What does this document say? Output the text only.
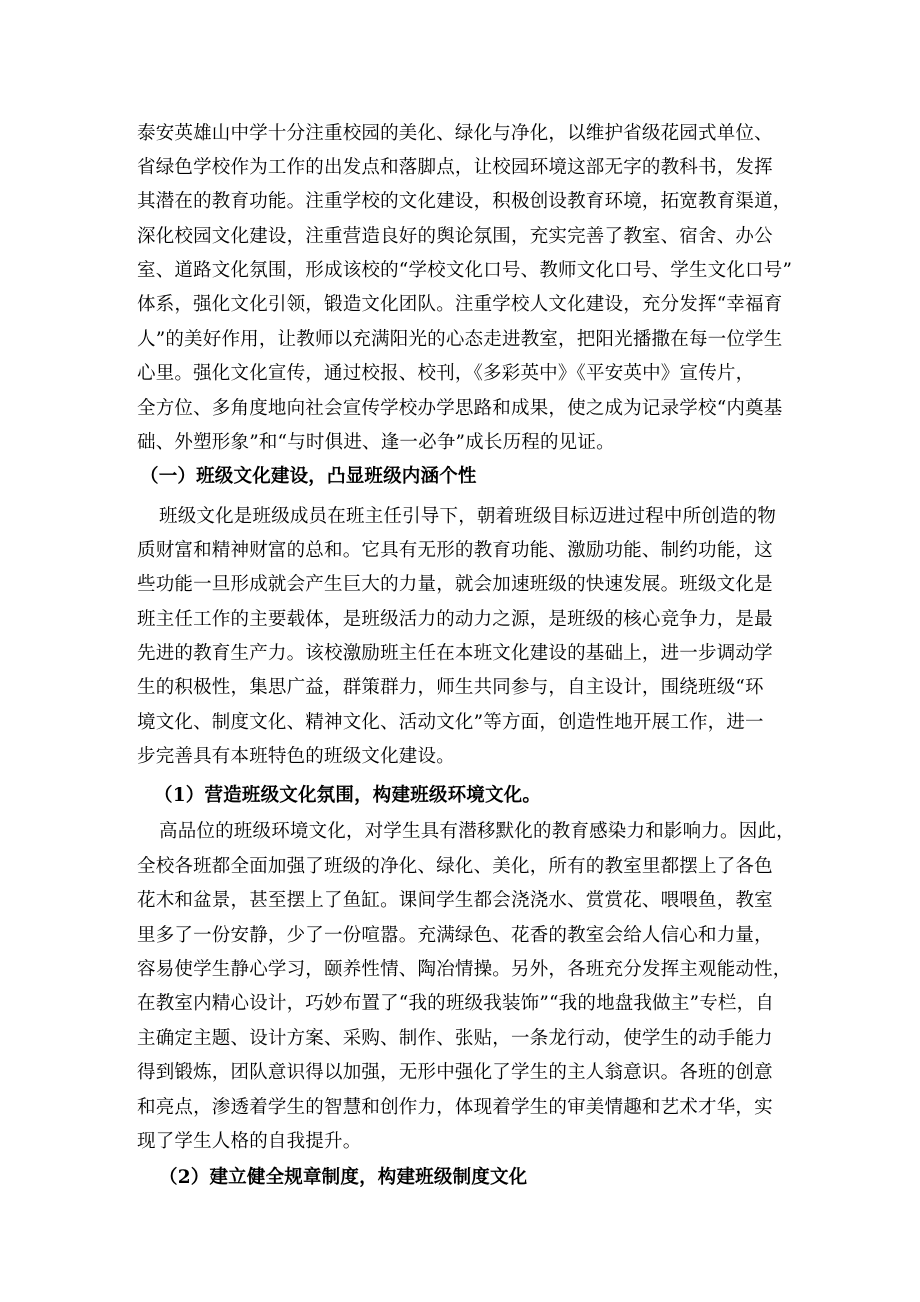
泰安英雄山中学十分注重校园的美化、绿化与净化，以维护省级花园式单位、
省绿色学校作为工作的出发点和落脚点，让校园环境这部无字的教科书，发挥
其潜在的教育功能。注重学校的文化建设，积极创设教育环境，拓宽教育渠道，
深化校园文化建设，注重营造良好的舆论氛围，充实完善了教室、宿舍、办公
室、道路文化氛围，形成该校的“学校文化口号、教师文化口号、学生文化口号”
体系，强化文化引领，锻造文化团队。注重学校人文化建设，充分发挥“幸福育
人”的美好作用，让教师以充满阳光的心态走进教室，把阳光播撒在每一位学生
心里。强化文化宣传，通过校报、校刊，《多彩英中》《平安英中》宣传片，
全方位、多角度地向社会宣传学校办学思路和成果，使之成为记录学校“内奠基
础、外塑形象”和“与时俱进、逢一必争”成长历程的见证。
（一）班级文化建设，凸显班级内涵个性
班级文化是班级成员在班主任引导下，朝着班级目标迈进过程中所创造的物
质财富和精神财富的总和。它具有无形的教育功能、激励功能、制约功能，这
些功能一旦形成就会产生巨大的力量，就会加速班级的快速发展。班级文化是
班主任工作的主要载体，是班级活力的动力之源，是班级的核心竞争力，是最
先进的教育生产力。该校激励班主任在本班文化建设的基础上，进一步调动学
生的积极性，集思广益，群策群力，师生共同参与，自主设计，围绕班级“环
境文化、制度文化、精神文化、活动文化”等方面，创造性地开展工作，进一
步完善具有本班特色的班级文化建设。
（1）营造班级文化氛围，构建班级环境文化。
高品位的班级环境文化，对学生具有潜移默化的教育感染力和影响力。因此，
全校各班都全面加强了班级的净化、绿化、美化，所有的教室里都摆上了各色
花木和盆景，甚至摆上了鱼缸。课间学生都会浇浇水、赏赏花、喂喂鱼，教室
里多了一份安静，少了一份喧嚣。充满绿色、花香的教室会给人信心和力量，
容易使学生静心学习，颐养性情、陶冶情操。另外，各班充分发挥主观能动性，
在教室内精心设计，巧妙布置了“我的班级我装饰”“我的地盘我做主”专栏，自
主确定主题、设计方案、采购、制作、张贴，一条龙行动，使学生的动手能力
得到锻炼，团队意识得以加强，无形中强化了学生的主人翁意识。各班的创意
和亮点，渗透着学生的智慧和创作力，体现着学生的审美情趣和艺术才华，实
现了学生人格的自我提升。
（2）建立健全规章制度，构建班级制度文化
